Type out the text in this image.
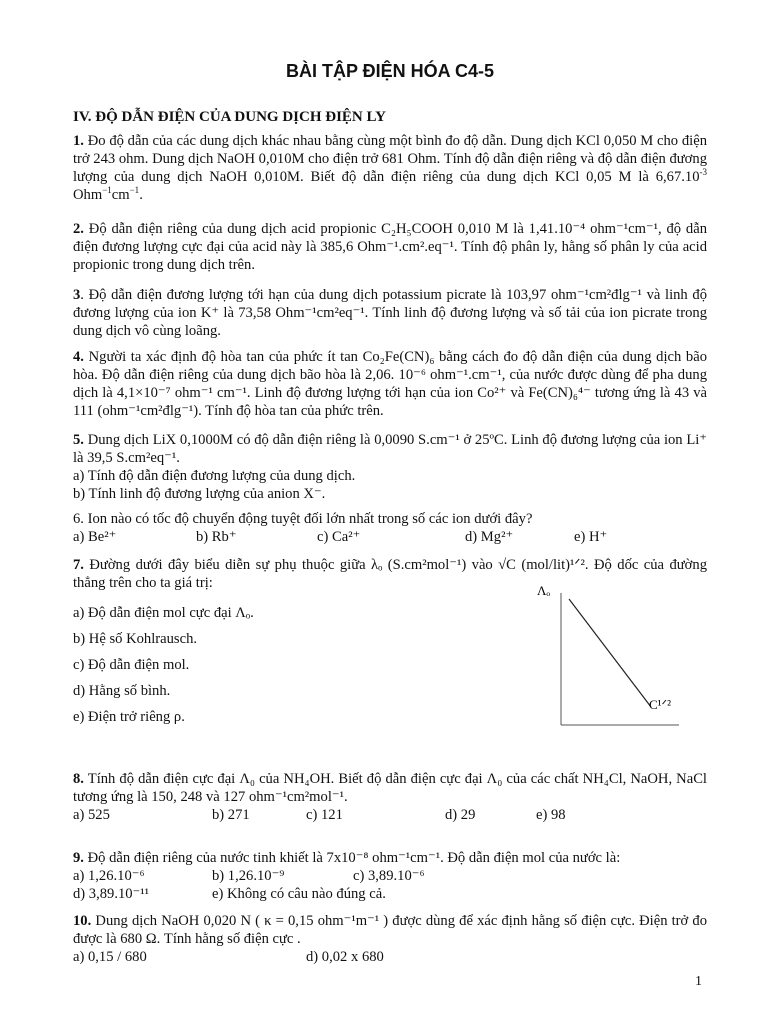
BÀI TẬP ĐIỆN HÓA C4-5
IV. ĐỘ DẪN ĐIỆN CỦA DUNG DỊCH ĐIỆN LY
1. Đo độ dẫn của các dung dịch khác nhau bằng cùng một bình đo độ dẫn. Dung dịch KCl 0,050 M cho điện trở 243 ohm. Dung dịch NaOH 0,010M cho điện trở 681 Ohm. Tính độ dẫn điện riêng và độ dẫn điện đương lượng của dung dịch NaOH 0,010M. Biết độ dẫn điện riêng của dung dịch KCl 0,05 M là $6,67.10^{-3}$ $Ohm^{-1}cm^{-1}$.
2. Độ dẫn điện riêng của dung dịch acid propionic C₂H₅COOH 0,010 M là 1,41.10⁻⁴ ohm⁻¹cm⁻¹, độ dẫn điện đương lượng cực đại của acid này là 385,6 Ohm⁻¹.cm².eq⁻¹. Tính độ phân ly, hằng số phân ly của acid propionic trong dung dịch trên.
3. Độ dẫn điện đương lượng tới hạn của dung dịch potassium picrate là 103,97 ohm⁻¹cm²đlg⁻¹ và linh độ đương lượng của ion K⁺ là 73,58 Ohm⁻¹cm²eq⁻¹. Tính linh độ đương lượng và số tải của ion picrate trong dung dịch vô cùng loãng.
4. Người ta xác định độ hòa tan của phức ít tan Co₂Fe(CN)₆ bằng cách đo độ dẫn điện của dung dịch bão hòa. Độ dẫn điện riêng của dung dịch bão hòa là 2,06. 10⁻⁶ ohm⁻¹.cm⁻¹, của nước được dùng để pha dung dịch là 4,1×10⁻⁷ ohm⁻¹ cm⁻¹. Linh độ đương lượng tới hạn của ion Co²⁺ và Fe(CN)₆⁴⁻ tương ứng là 43 và 111 (ohm⁻¹cm²đlg⁻¹). Tính độ hòa tan của phức trên.
5. Dung dịch LiX 0,1000M có độ dẫn điện riêng là 0,0090 S.cm⁻¹ ở 25ºC. Linh độ đương lượng của ion Li⁺ là 39,5 S.cm²eq⁻¹.
a) Tính độ dẫn điện đương lượng của dung dịch.
b) Tính linh độ đương lượng của anion X⁻.
6. Ion nào có tốc độ chuyển động tuyệt đối lớn nhất trong số các ion dưới đây?
a) Be²⁺	b) Rb⁺	c) Ca²⁺	d) Mg²⁺	e) H⁺
7. Đường dưới đây biểu diễn sự phụ thuộc giữa λₒ (S.cm²mol⁻¹) vào √C (mol/lit)¹ᐟ². Độ dốc của đường thẳng trên cho ta giá trị:
a) Độ dẫn điện mol cực đại Λₒ.
b) Hệ số Kohlrausch.
c) Độ dẫn điện mol.
d) Hằng số bình.
e) Điện trở riêng ρ.
Λₒ
C¹ᐟ²
8. Tính độ dẫn điện cực đại Λ₀ của NH₄OH. Biết độ dẫn điện cực đại Λ₀ của các chất NH₄Cl, NaOH, NaCl tương ứng là 150, 248 và 127 ohm⁻¹cm²mol⁻¹.
a) 525	b) 271	c) 121	d) 29	e) 98
9. Độ dẫn điện riêng của nước tinh khiết là 7x10⁻⁸ ohm⁻¹cm⁻¹. Độ dẫn điện mol của nước là:
a) 1,26.10⁻⁶	b) 1,26.10⁻⁹	c) 3,89.10⁻⁶
d) 3,89.10⁻¹¹	e) Không có câu nào đúng cả.
10. Dung dịch NaOH 0,020 N ( κ = 0,15 ohm⁻¹m⁻¹ ) được dùng để xác định hằng số điện cực. Điện trở đo được là 680 Ω. Tính hằng số điện cực .
a) 0,15 / 680	d) 0,02 x 680
1
